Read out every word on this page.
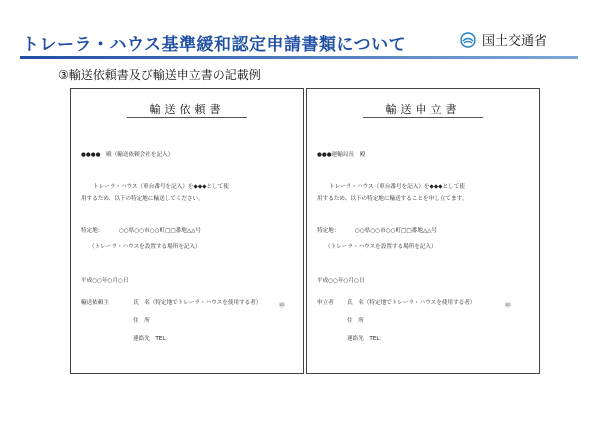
トレーラ・ハウス基準緩和認定申請書類について	国土交通省
③輸送依頼書及び輸送申立書の記載例
輸送依頼書
●●●●　殿（輸送依頼会社を記入）
トレーラ・ハウス（車台番号を記入）を◆◆◆として使
用するため、以下の特定地に輸送してください。
特定地：	○○県○○市○○町□□番地△△号
（トレーラ・ハウスを設置する場所を記入）
平成○○年○月○日
輸送依頼主	氏　名（特定地でトレーラ・ハウスを使用する者）	㊞
住　所
連絡先　TEL：
輸送申立書
●●●運輸局長　殿
トレーラ・ハウス（車台番号を記入）を◆◆◆として使
用するため、以下の特定地に輸送することを申し立てます。
特定地：	○○県○○市○○町□□番地△△号
（トレーラ・ハウスを設置する場所を記入）
平成○○年○月○日
申立者 氏　名（特定地でトレーラ・ハウスを使用する者）	㊞
住　所
連絡先　TEL：
